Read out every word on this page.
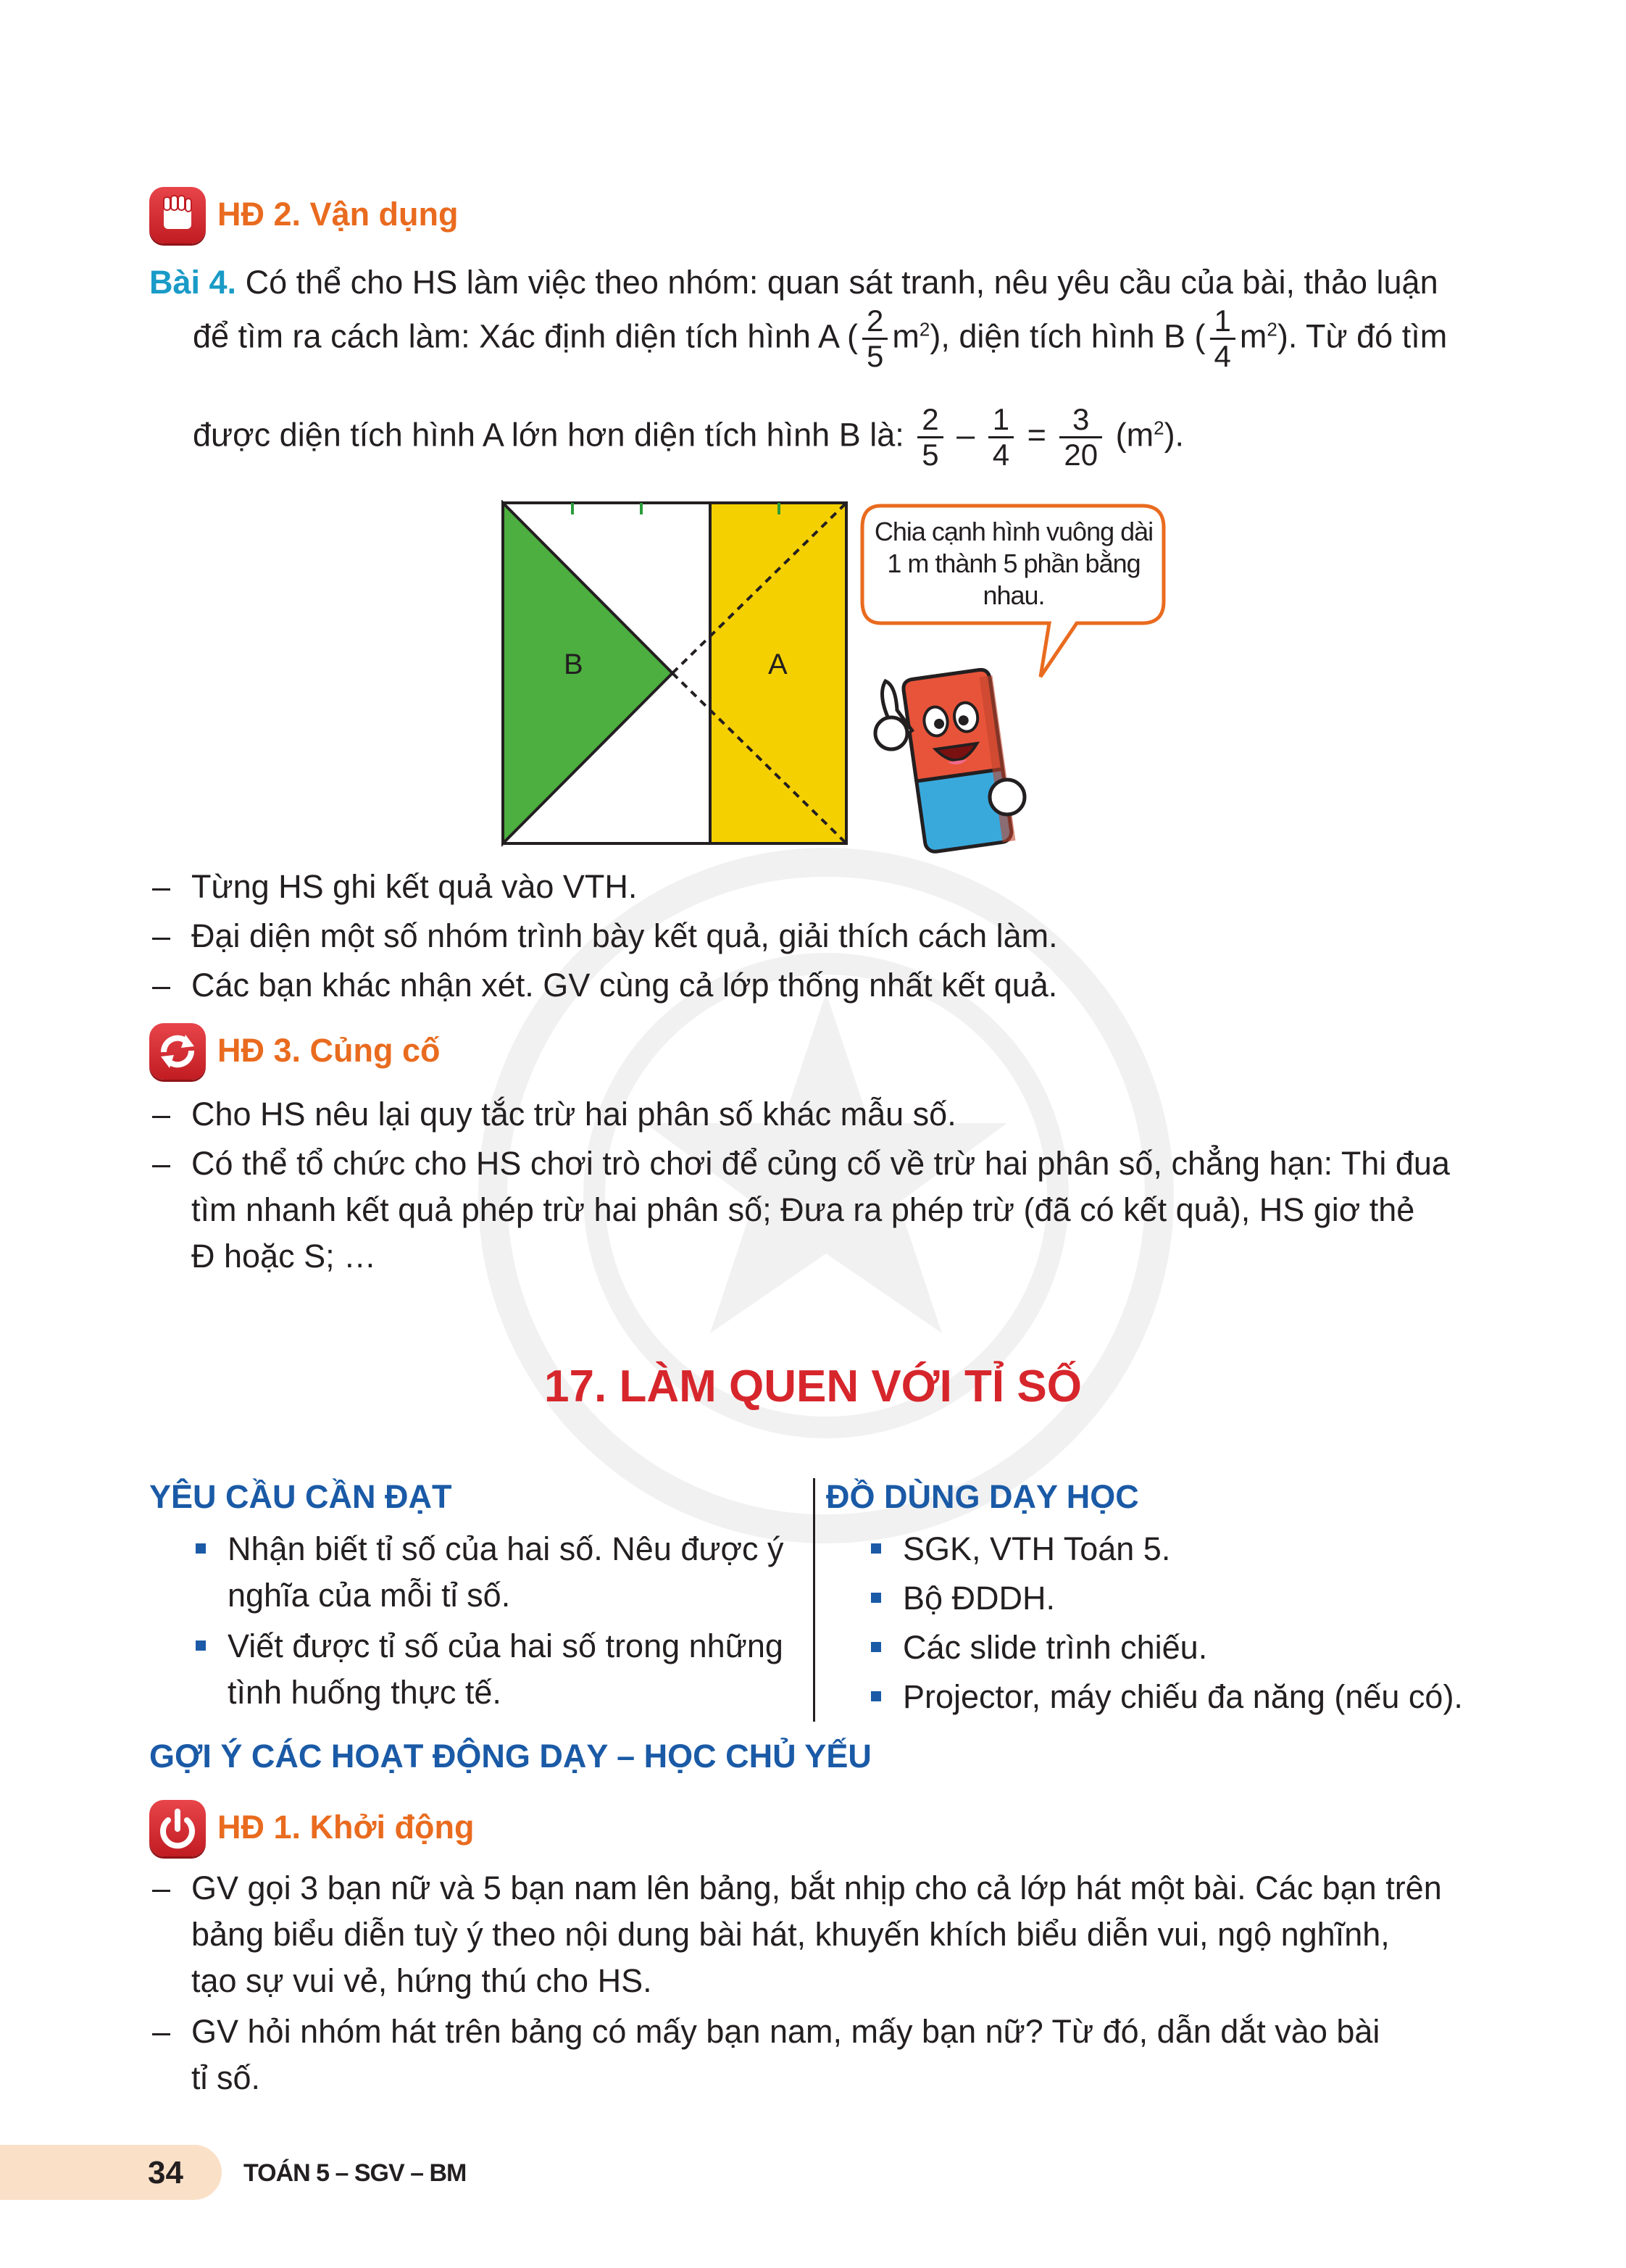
HĐ 2. Vận dụng
Bài 4. Có thể cho HS làm việc theo nhóm: quan sát tranh, nêu yêu cầu của bài, thảo luận
để tìm ra cách làm: Xác định diện tích hình A ( $\frac{2}{5} m^2$), diện tích hình B ( $\frac{1}{4} m^2$). Từ đó tìm
được diện tích hình A lớn hơn diện tích hình B là: $\frac{2}{5} - \frac{1}{4} = \frac{3}{20} (m^2)$.
B	A
Chia cạnh hình vuông dài 1 m thành 5 phần bằng nhau.
– Từng HS ghi kết quả vào VTH.
– Đại diện một số nhóm trình bày kết quả, giải thích cách làm.
– Các bạn khác nhận xét. GV cùng cả lớp thống nhất kết quả.
HĐ 3. Củng cố
– Cho HS nêu lại quy tắc trừ hai phân số khác mẫu số.
– Có thể tổ chức cho HS chơi trò chơi để củng cố về trừ hai phân số, chẳng hạn: Thi đua
tìm nhanh kết quả phép trừ hai phân số; Đưa ra phép trừ (đã có kết quả), HS giơ thẻ
Đ hoặc S; …
17. LÀM QUEN VỚI TỈ SỐ
YÊU CẦU CẦN ĐẠT	ĐỒ DÙNG DẠY HỌC
Nhận biết tỉ số của hai số. Nêu được ý
nghĩa của mỗi tỉ số.
Viết được tỉ số của hai số trong những
tình huống thực tế.
SGK, VTH Toán 5.
Bộ ĐDDH.
Các slide trình chiếu.
Projector, máy chiếu đa năng (nếu có).
GỢI Ý CÁC HOẠT ĐỘNG DẠY – HỌC CHỦ YẾU
HĐ 1. Khởi động
– GV gọi 3 bạn nữ và 5 bạn nam lên bảng, bắt nhịp cho cả lớp hát một bài. Các bạn trên
bảng biểu diễn tuỳ ý theo nội dung bài hát, khuyến khích biểu diễn vui, ngộ nghĩnh,
tạo sự vui vẻ, hứng thú cho HS.
– GV hỏi nhóm hát trên bảng có mấy bạn nam, mấy bạn nữ? Từ đó, dẫn dắt vào bài
tỉ số.
34 TOÁN 5 – SGV – BM
